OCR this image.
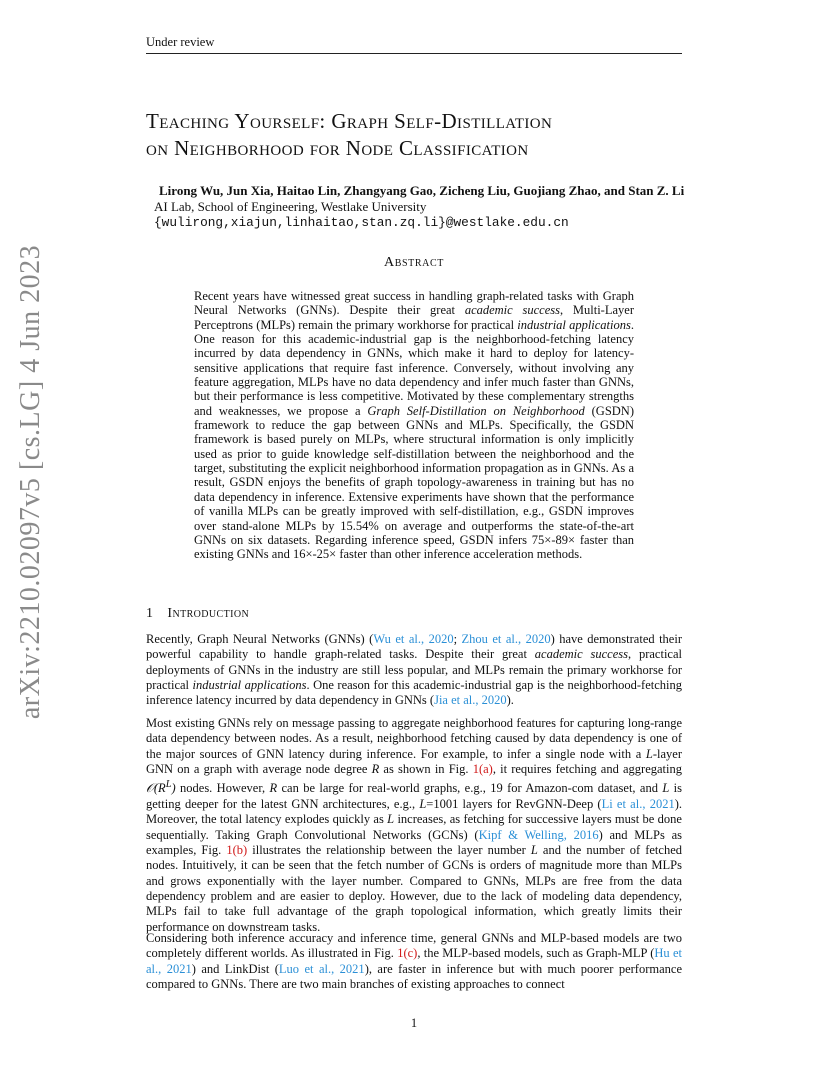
Under review
Teaching Yourself: Graph Self-Distillation
on Neighborhood for Node Classification
Lirong Wu, Jun Xia, Haitao Lin, Zhangyang Gao, Zicheng Liu, Guojiang Zhao, and Stan Z. Li
AI Lab, School of Engineering, Westlake University
{wulirong,xiajun,linhaitao,stan.zq.li}@westlake.edu.cn
arXiv:2210.02097v5 [cs.LG] 4 Jun 2023	Abstract
Recent years have witnessed great success in handling graph-related tasks with Graph Neural Networks (GNNs). Despite their great academic success, Multi-Layer Perceptrons (MLPs) remain the primary workhorse for practical industrial applications. One reason for this academic-industrial gap is the neighborhood-fetching latency incurred by data dependency in GNNs, which make it hard to deploy for latency-sensitive applications that require fast inference. Conversely, without involving any feature aggregation, MLPs have no data dependency and infer much faster than GNNs, but their performance is less competitive. Motivated by these complementary strengths and weaknesses, we propose a Graph Self-Distillation on Neighborhood (GSDN) framework to reduce the gap between GNNs and MLPs. Specifically, the GSDN framework is based purely on MLPs, where structural information is only implicitly used as prior to guide knowledge self-distillation between the neighborhood and the target, substituting the explicit neighborhood information propagation as in GNNs. As a result, GSDN enjoys the benefits of graph topology-awareness in training but has no data dependency in inference. Extensive experiments have shown that the performance of vanilla MLPs can be greatly improved with self-distillation, e.g., GSDN improves over stand-alone MLPs by 15.54% on average and outperforms the state-of-the-art GNNs on six datasets. Regarding inference speed, GSDN infers 75×-89× faster than existing GNNs and 16×-25× faster than other inference acceleration methods.
1 Introduction

Recently, Graph Neural Networks (GNNs) (Wu et al., 2020; Zhou et al., 2020) have demonstrated their powerful capability to handle graph-related tasks. Despite their great academic success, practical deployments of GNNs in the industry are still less popular, and MLPs remain the primary workhorse for practical industrial applications. One reason for this academic-industrial gap is the neighborhood-fetching inference latency incurred by data dependency in GNNs (Jia et al., 2020).

Most existing GNNs rely on message passing to aggregate neighborhood features for capturing long-range data dependency between nodes. As a result, neighborhood fetching caused by data dependency is one of the major sources of GNN latency during inference. For example, to infer a single node with a L-layer GNN on a graph with average node degree R as shown in Fig. 1(a), it requires fetching and aggregating $𝒪(R^L)$ nodes. However, R can be large for real-world graphs, e.g., 19 for Amazon-com dataset, and L is getting deeper for the latest GNN architectures, e.g., L=1001 layers for RevGNN-Deep (Li et al., 2021). Moreover, the total latency explodes quickly as L increases, as fetching for successive layers must be done sequentially. Taking Graph Convolutional Networks (GCNs) (Kipf & Welling, 2016) and MLPs as examples, Fig. 1(b) illustrates the relationship between the layer number L and the number of fetched nodes. Intuitively, it can be seen that the fetch number of GCNs is orders of magnitude more than MLPs and grows exponentially with the layer number. Compared to GNNs, MLPs are free from the data dependency problem and are easier to deploy. However, due to the lack of modeling data dependency, MLPs fail to take full advantage of the graph topological information, which greatly limits their performance on downstream tasks.

Considering both inference accuracy and inference time, general GNNs and MLP-based models are two completely different worlds. As illustrated in Fig. 1(c), the MLP-based models, such as Graph-MLP (Hu et al., 2021) and LinkDist (Luo et al., 2021), are faster in inference but with much poorer performance compared to GNNs. There are two main branches of existing approaches to connect

1
